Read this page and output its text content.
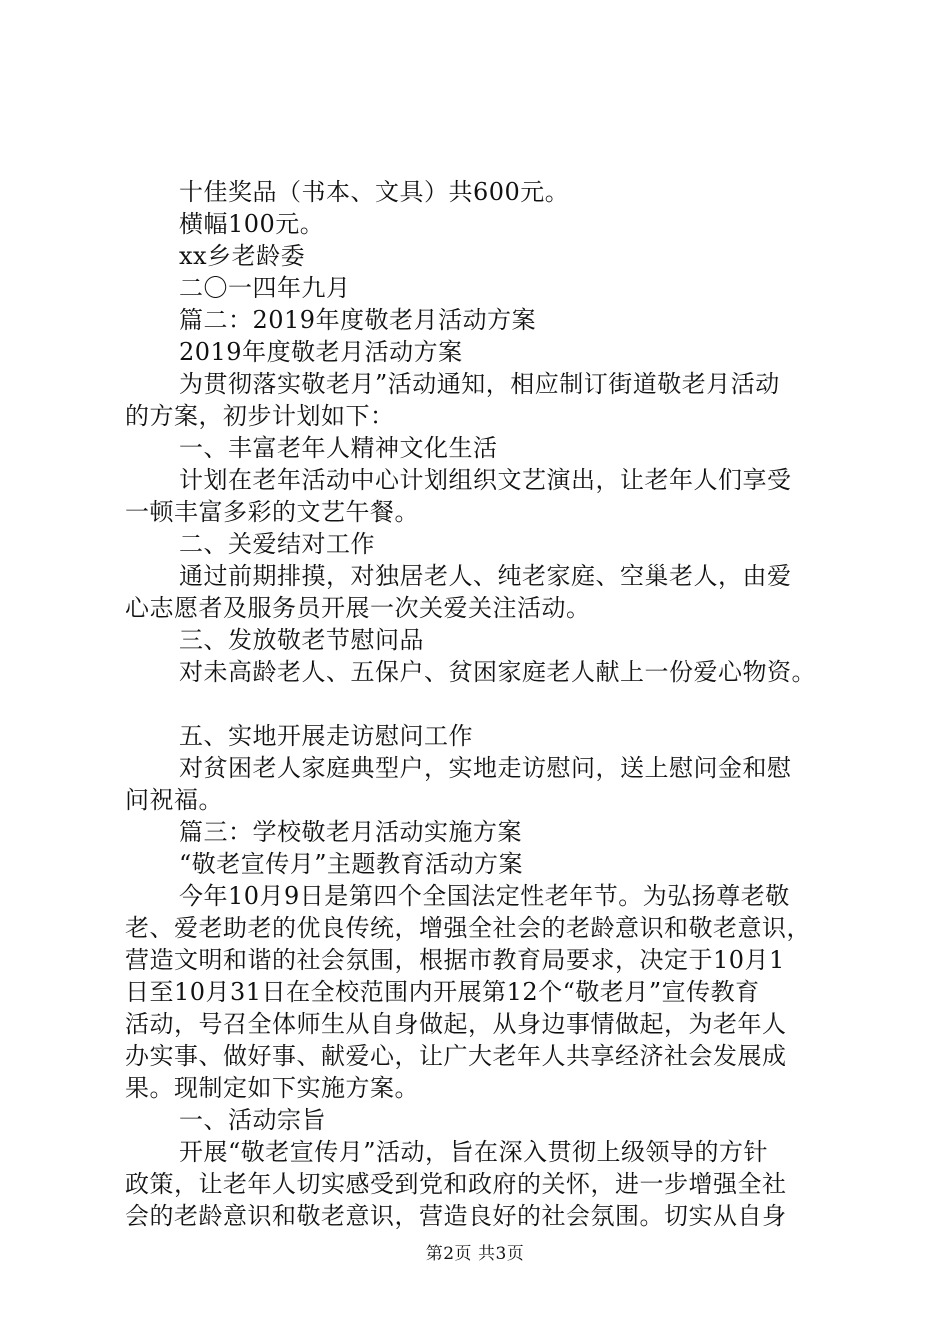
十佳奖品（书本、文具）共600元。
横幅100元。
xx乡老龄委
二〇一四年九月
篇二：2019年度敬老月活动方案
2019年度敬老月活动方案
为贯彻落实敬老月”活动通知，相应制订街道敬老月活动
的方案，初步计划如下：
一、丰富老年人精神文化生活
计划在老年活动中心计划组织文艺演出，让老年人们享受
一顿丰富多彩的文艺午餐。
二、关爱结对工作
通过前期排摸，对独居老人、纯老家庭、空巢老人，由爱
心志愿者及服务员开展一次关爱关注活动。
三、发放敬老节慰问品
对未高龄老人、五保户、贫困家庭老人献上一份爱心物资。
五、实地开展走访慰问工作
对贫困老人家庭典型户，实地走访慰问，送上慰问金和慰
问祝福。
篇三：学校敬老月活动实施方案
“敬老宣传月”主题教育活动方案
今年10月9日是第四个全国法定性老年节。为弘扬尊老敬
老、爱老助老的优良传统，增强全社会的老龄意识和敬老意识，
营造文明和谐的社会氛围，根据市教育局要求，决定于10月1
日至10月31日在全校范围内开展第12个“敬老月”宣传教育
活动，号召全体师生从自身做起，从身边事情做起，为老年人
办实事、做好事、献爱心，让广大老年人共享经济社会发展成
果。现制定如下实施方案。
一、活动宗旨
开展“敬老宣传月”活动，旨在深入贯彻上级领导的方针
政策，让老年人切实感受到党和政府的关怀，进一步增强全社
会的老龄意识和敬老意识，营造良好的社会氛围。切实从自身
第2页 共3页
